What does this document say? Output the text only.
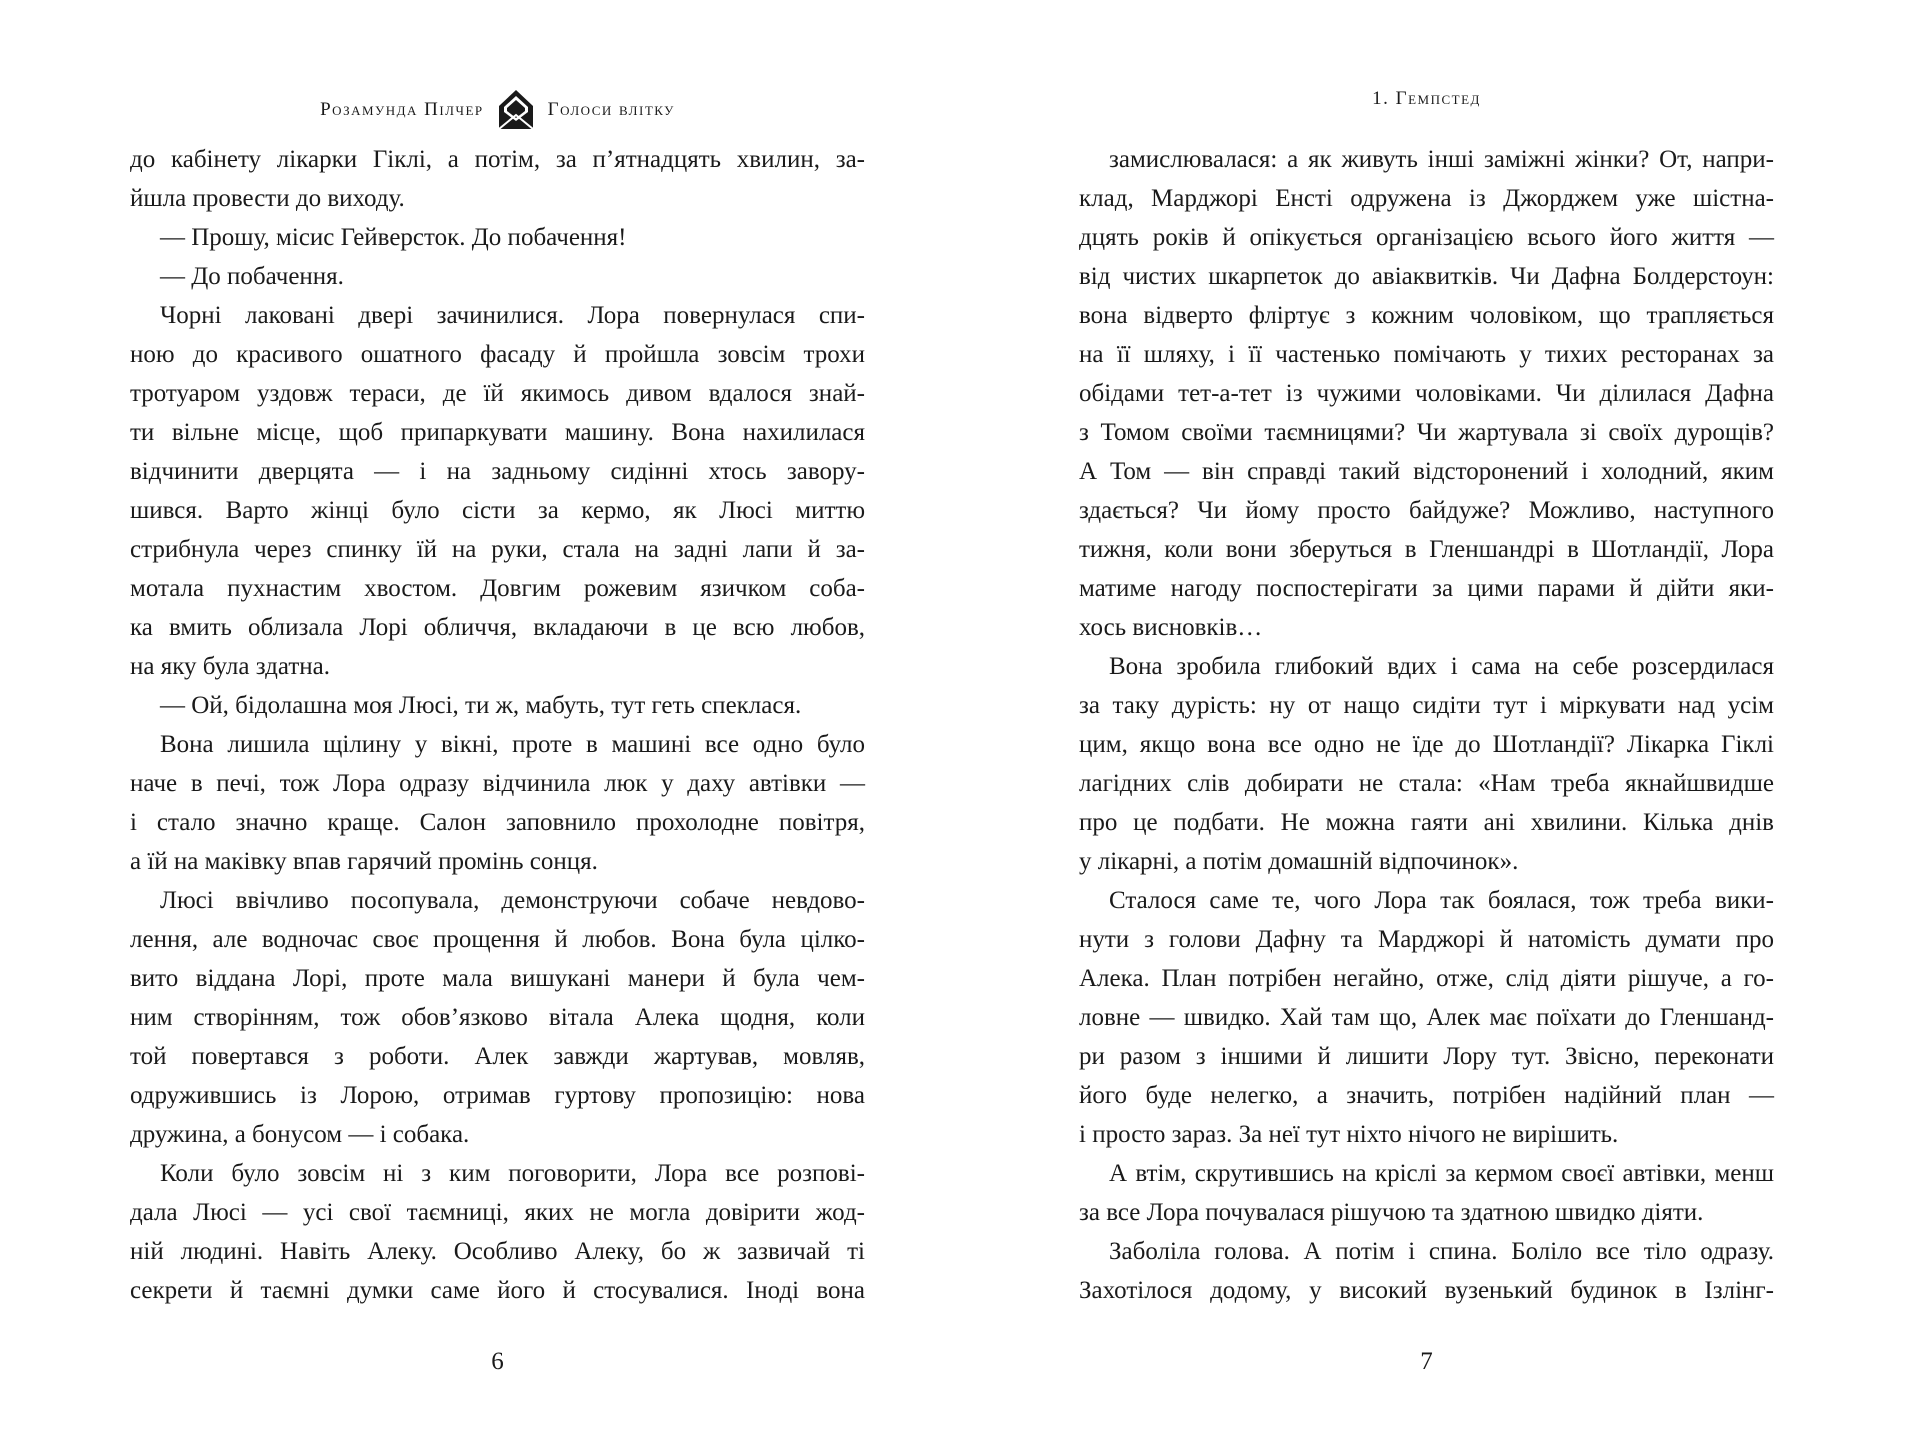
Розамунда Пілчер	Голоси влітку
до кабінету лікарки Гіклі, а потім, за п’ятнадцять хвилин, за-
йшла провести до виходу.
— Прошу, місис Гейверсток. До побачення!
— До побачення.
Чорні лаковані двері зачинилися. Лора повернулася спи-
ною до красивого ошатного фасаду й пройшла зовсім трохи
тротуаром уздовж тераси, де їй якимось дивом вдалося знай-
ти вільне місце, щоб припаркувати машину. Вона нахилилася
відчинити дверцята — і на задньому сидінні хтось завору-
шився. Варто жінці було сісти за кермо, як Люсі миттю
стрибнула через спинку їй на руки, стала на задні лапи й за-
мотала пухнастим хвостом. Довгим рожевим язичком соба-
ка вмить облизала Лорі обличчя, вкладаючи в це всю любов,
на яку була здатна.
— Ой, бідолашна моя Люсі, ти ж, мабуть, тут геть спеклася.
Вона лишила щілину у вікні, проте в машині все одно було
наче в печі, тож Лора одразу відчинила люк у даху автівки —
і стало значно краще. Салон заповнило прохолодне повітря,
а їй на маківку впав гарячий промінь сонця.
Люсі ввічливо посопувала, демонструючи собаче невдово-
лення, але водночас своє прощення й любов. Вона була цілко-
вито віддана Лорі, проте мала вишукані манери й була чем-
ним створінням, тож обов’язково вітала Алека щодня, коли
той повертався з роботи. Алек завжди жартував, мовляв,
одружившись із Лорою, отримав гуртову пропозицію: нова
дружина, а бонусом — і собака.
Коли було зовсім ні з ким поговорити, Лора все розпові-
дала Люсі — усі свої таємниці, яких не могла довірити жод-
ній людині. Навіть Алеку. Особливо Алеку, бо ж зазвичай ті
секрети й таємні думки саме його й стосувалися. Іноді вона
6
1. Гемпстед
замислювалася: а як живуть інші заміжні жінки? От, напри-
клад, Марджорі Енсті одружена із Джорджем уже шістна-
дцять років й опікується організацією всього його життя —
від чистих шкарпеток до авіаквитків. Чи Дафна Болдерстоун:
вона відверто фліртує з кожним чоловіком, що трапляється
на її шляху, і її частенько помічають у тихих ресторанах за
обідами тет-а-тет із чужими чоловіками. Чи ділилася Дафна
з Томом своїми таємницями? Чи жартувала зі своїх дурощів?
А Том — він справді такий відсторонений і холодний, яким
здається? Чи йому просто байдуже? Можливо, наступного
тижня, коли вони зберуться в Гленшандрі в Шотландії, Лора
матиме нагоду поспостерігати за цими парами й дійти яки-
хось висновків…
Вона зробила глибокий вдих і сама на себе розсердилася
за таку дурість: ну от нащо сидіти тут і міркувати над усім
цим, якщо вона все одно не їде до Шотландії? Лікарка Гіклі
лагідних слів добирати не стала: «Нам треба якнайшвидше
про це подбати. Не можна гаяти ані хвилини. Кілька днів
у лікарні, а потім домашній відпочинок».
Сталося саме те, чого Лора так боялася, тож треба вики-
нути з голови Дафну та Марджорі й натомість думати про
Алека. План потрібен негайно, отже, слід діяти рішуче, а го-
ловне — швидко. Хай там що, Алек має поїхати до Гленшанд-
ри разом з іншими й лишити Лору тут. Звісно, переконати
його буде нелегко, а значить, потрібен надійний план —
і просто зараз. За неї тут ніхто нічого не вирішить.
А втім, скрутившись на кріслі за кермом своєї автівки, менш
за все Лора почувалася рішучою та здатною швидко діяти.
Заболіла голова. А потім і спина. Боліло все тіло одразу.
Захотілося додому, у високий вузенький будинок в Ізлінг-
7
